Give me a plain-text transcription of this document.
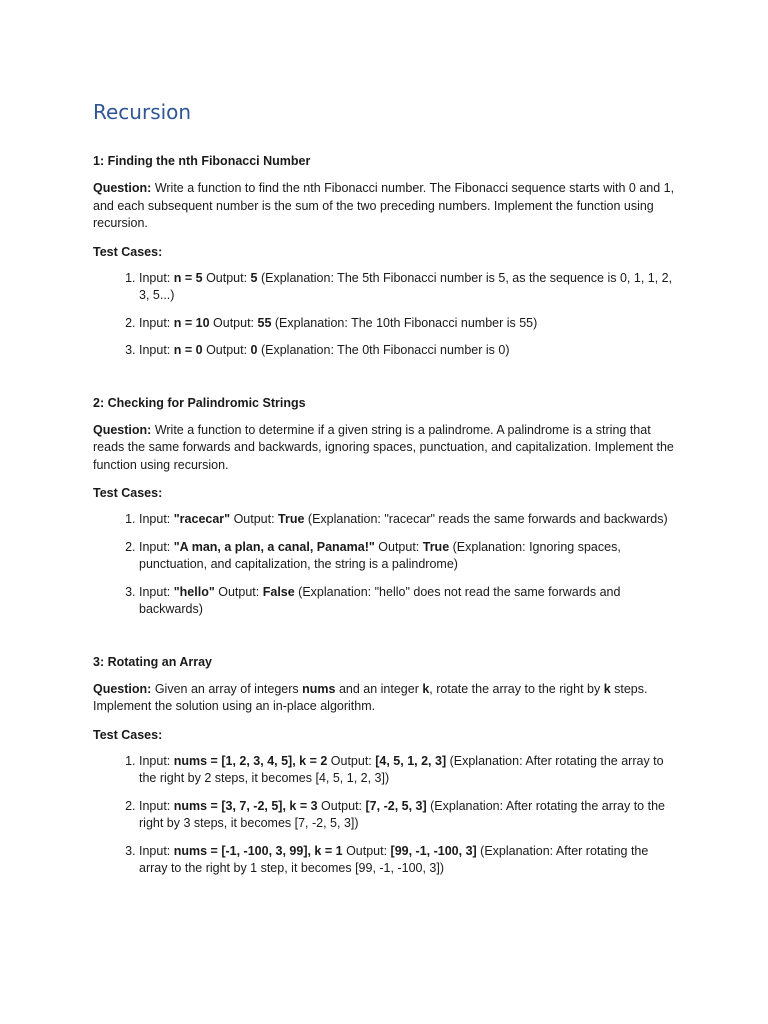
Recursion
1: Finding the nth Fibonacci Number

Question: Write a function to find the nth Fibonacci number. The Fibonacci sequence starts with 0 and 1, and each subsequent number is the sum of the two preceding numbers. Implement the function using recursion.

Test Cases:
1. Input: n = 5 Output: 5 (Explanation: The 5th Fibonacci number is 5, as the sequence is 0, 1, 1, 2, 3, 5...)
2. Input: n = 10 Output: 55 (Explanation: The 10th Fibonacci number is 55)
3. Input: n = 0 Output: 0 (Explanation: The 0th Fibonacci number is 0)
2: Checking for Palindromic Strings

Question: Write a function to determine if a given string is a palindrome. A palindrome is a string that reads the same forwards and backwards, ignoring spaces, punctuation, and capitalization. Implement the function using recursion.

Test Cases:
1. Input: "racecar" Output: True (Explanation: "racecar" reads the same forwards and backwards)
2. Input: "A man, a plan, a canal, Panama!" Output: True (Explanation: Ignoring spaces, punctuation, and capitalization, the string is a palindrome)
3. Input: "hello" Output: False (Explanation: "hello" does not read the same forwards and backwards)
3: Rotating an Array

Question: Given an array of integers nums and an integer k, rotate the array to the right by k steps. Implement the solution using an in-place algorithm.

Test Cases:
1. Input: nums = [1, 2, 3, 4, 5], k = 2 Output: [4, 5, 1, 2, 3] (Explanation: After rotating the array to the right by 2 steps, it becomes [4, 5, 1, 2, 3])
2. Input: nums = [3, 7, -2, 5], k = 3 Output: [7, -2, 5, 3] (Explanation: After rotating the array to the right by 3 steps, it becomes [7, -2, 5, 3])
3. Input: nums = [-1, -100, 3, 99], k = 1 Output: [99, -1, -100, 3] (Explanation: After rotating the array to the right by 1 step, it becomes [99, -1, -100, 3])
